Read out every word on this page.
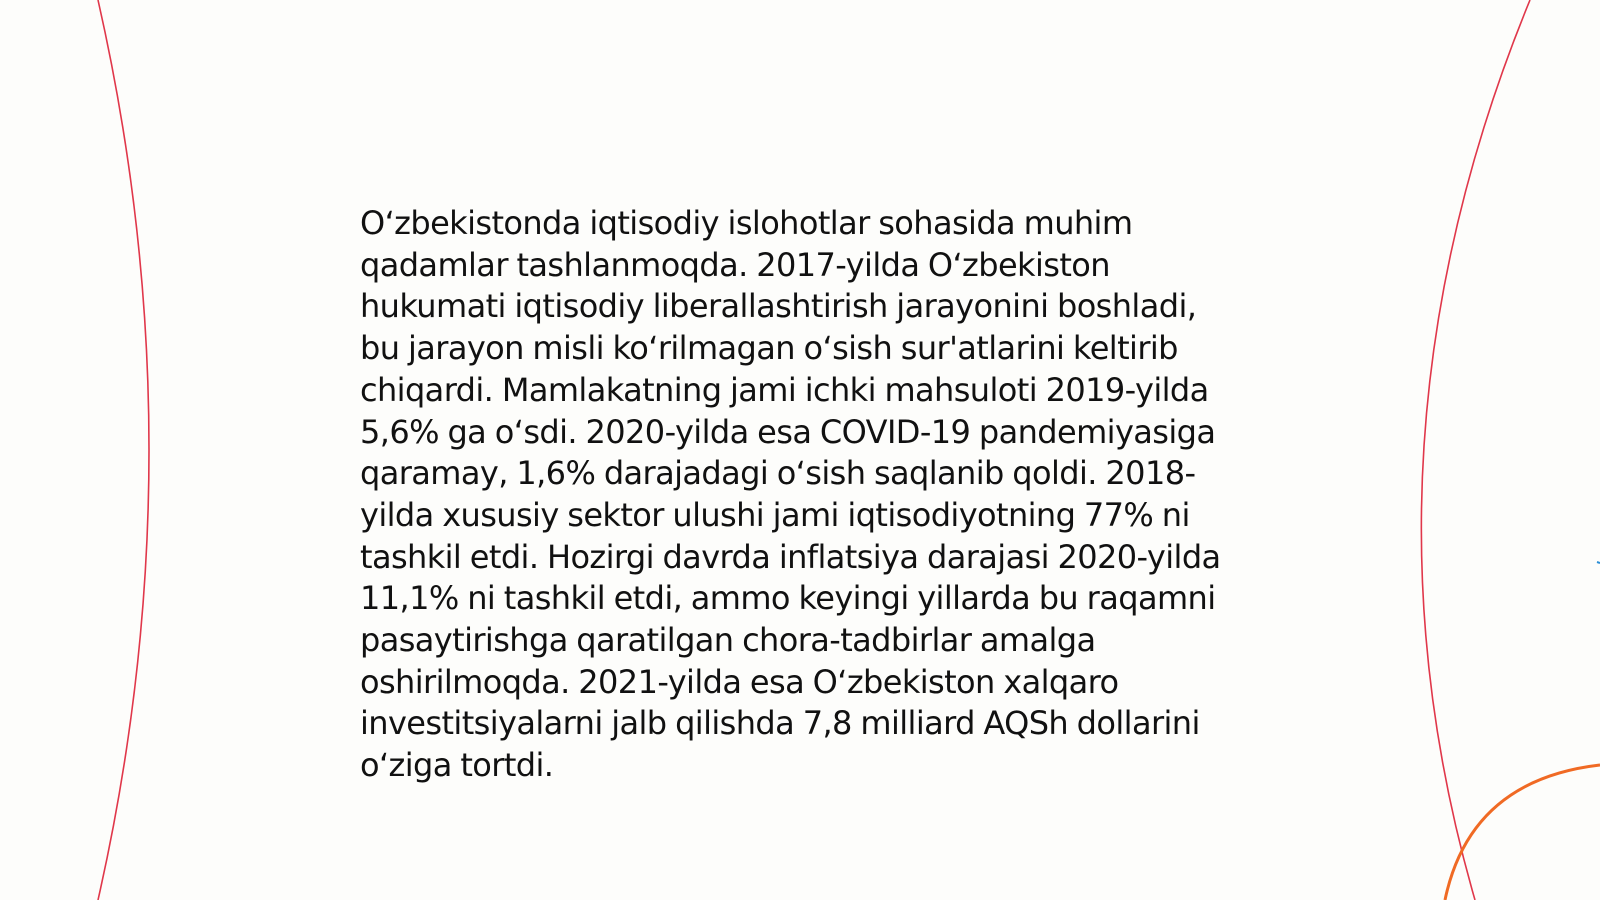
O‘zbekistonda iqtisodiy islohotlar sohasida muhim qadamlar tashlanmoqda. 2017-yilda O‘zbekiston hukumati iqtisodiy liberallashtirish jarayonini boshladi, bu jarayon misli ko‘rilmagan o‘sish sur'atlarini keltirib chiqardi. Mamlakatning jami ichki mahsuloti 2019-yilda 5,6% ga o‘sdi. 2020-yilda esa COVID-19 pandemiyasiga qaramay, 1,6% darajadagi o‘sish saqlanib qoldi. 2018-yilda xususiy sektor ulushi jami iqtisodiyotning 77% ni tashkil etdi. Hozirgi davrda inflatsiya darajasi 2020-yilda 11,1% ni tashkil etdi, ammo keyingi yillarda bu raqamni pasaytirishga qaratilgan chora-tadbirlar amalga oshirilmoqda. 2021-yilda esa O‘zbekiston xalqaro investitsiyalarni jalb qilishda 7,8 milliard AQSh dollarini o‘ziga tortdi.
